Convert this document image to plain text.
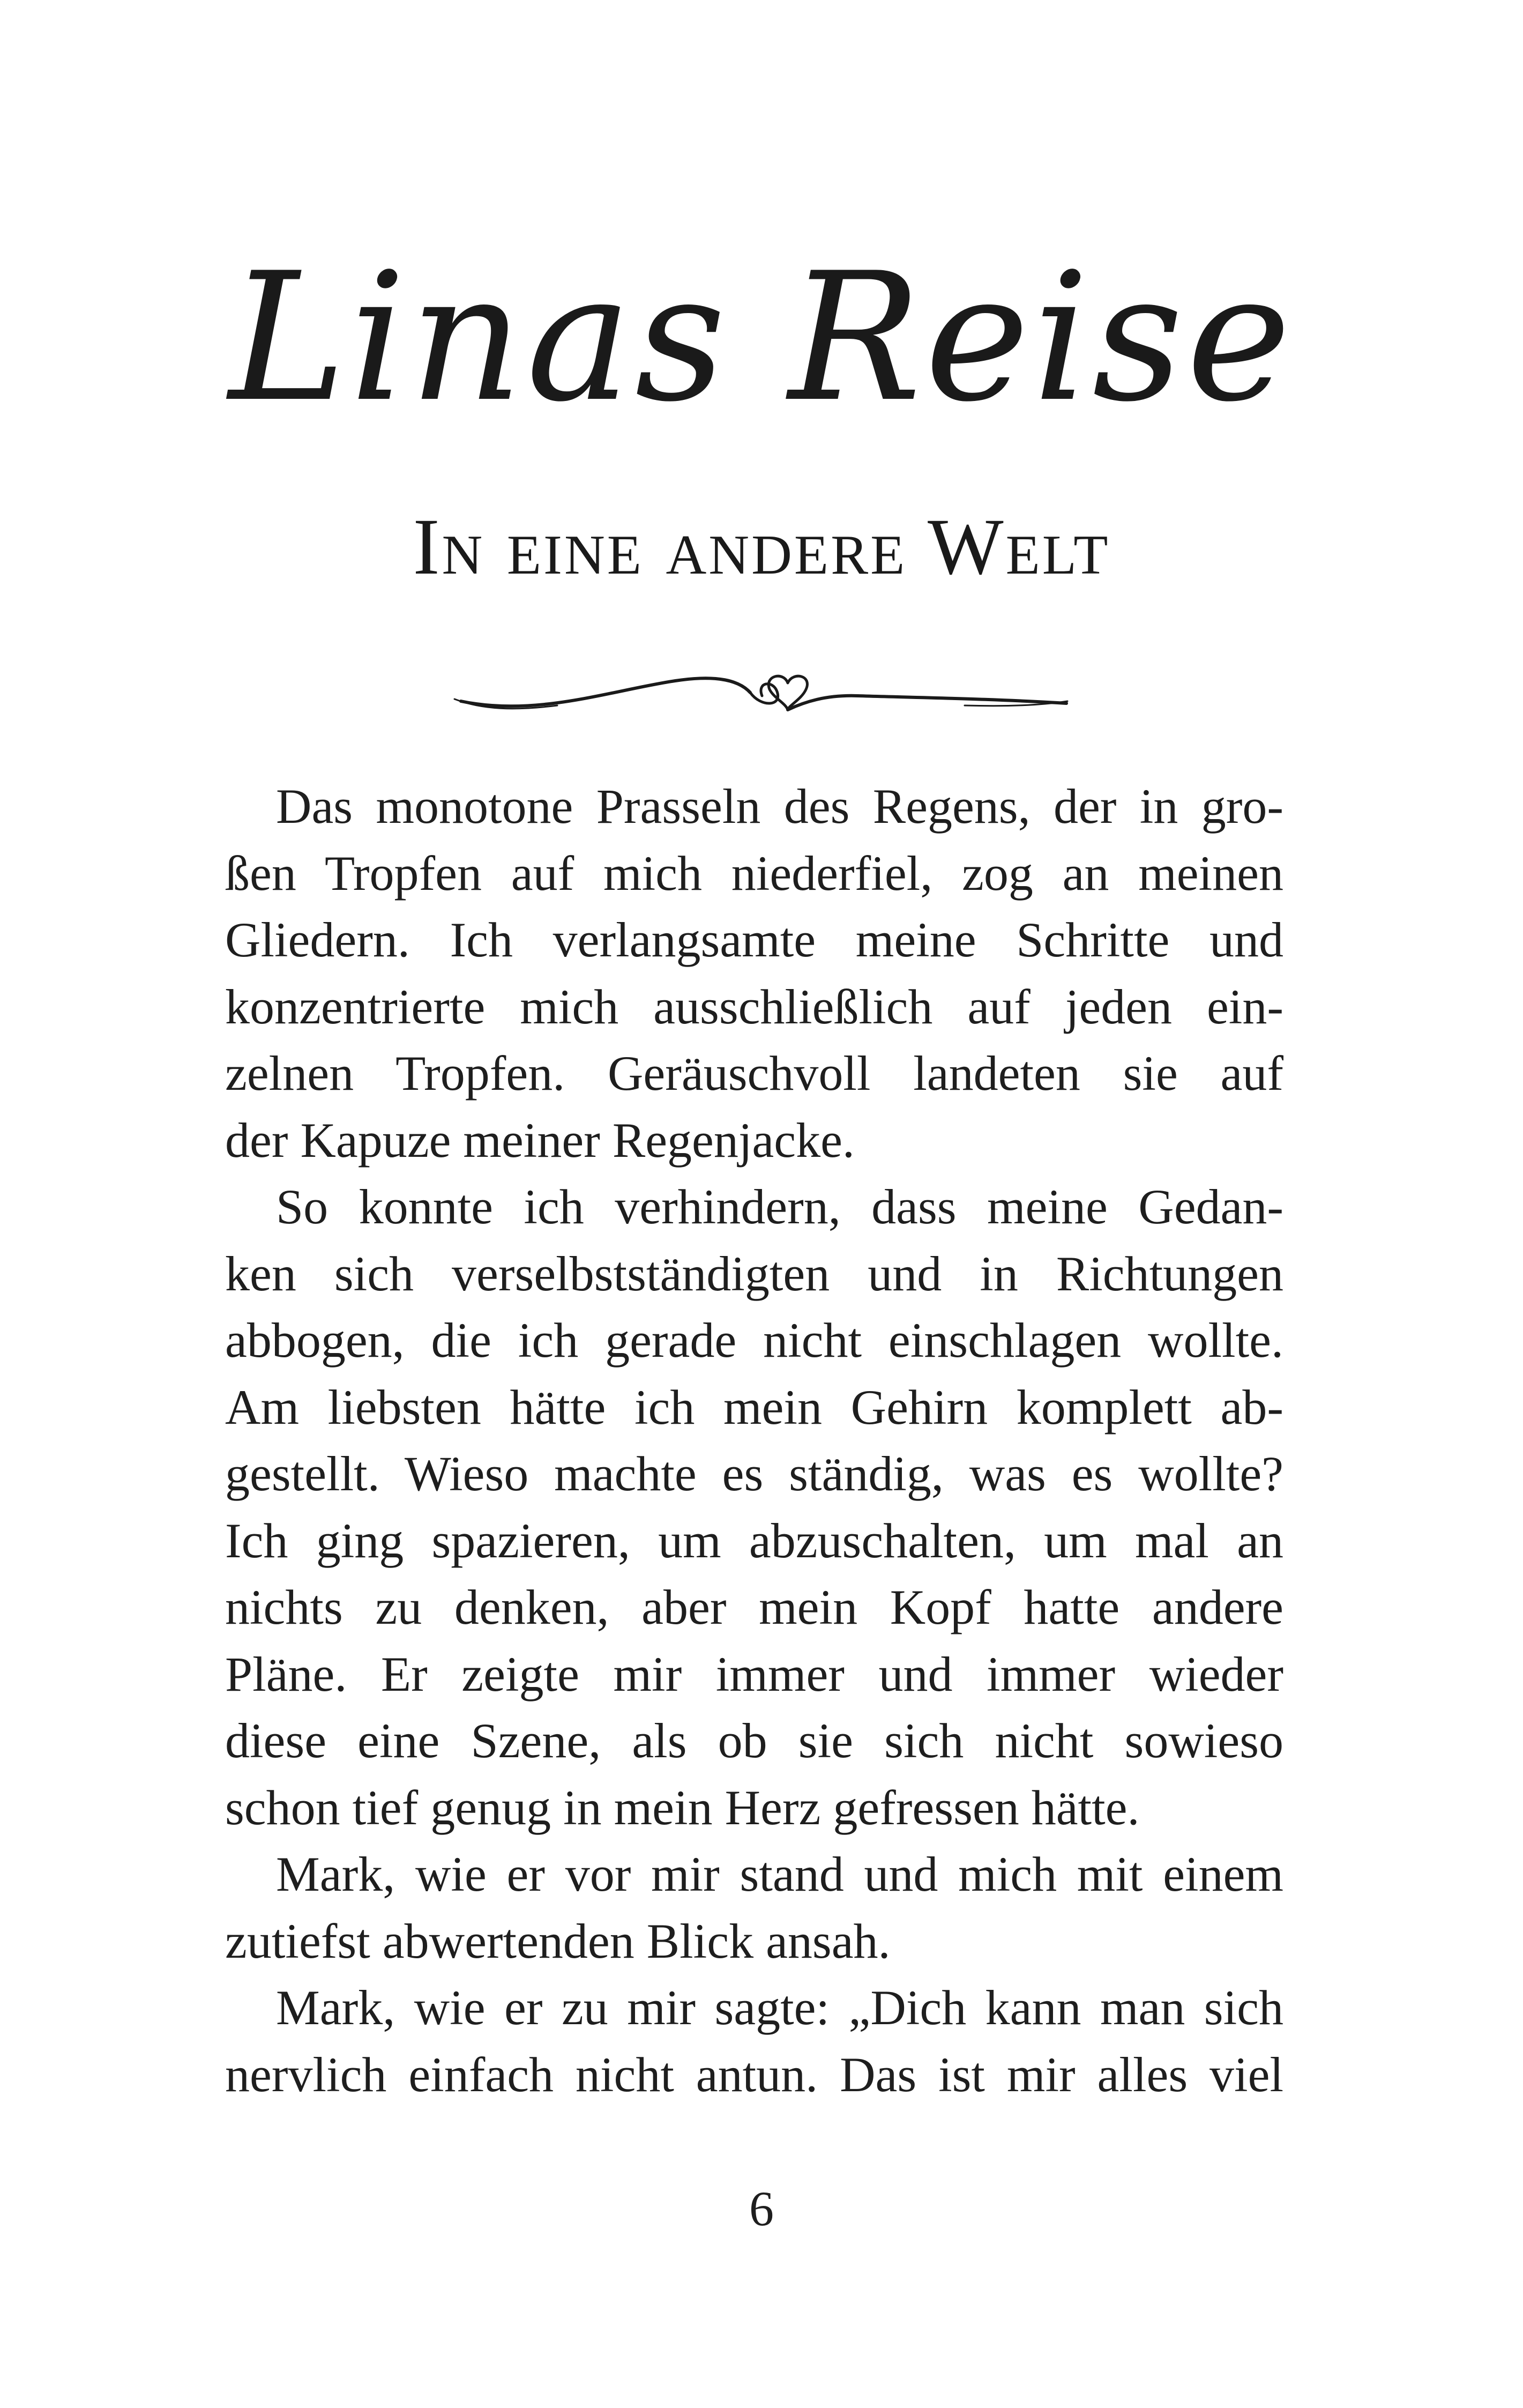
Linas Reise
In eine andere Welt

Das monotone Prasseln des Regens, der in gro-
ßen Tropfen auf mich niederfiel, zog an meinen
Gliedern. Ich verlangsamte meine Schritte und
konzentrierte mich ausschließlich auf jeden ein-
zelnen Tropfen. Geräuschvoll landeten sie auf
der Kapuze meiner Regenjacke.

So konnte ich verhindern, dass meine Gedan-
ken sich verselbstständigten und in Richtungen
abbogen, die ich gerade nicht einschlagen wollte.
Am liebsten hätte ich mein Gehirn komplett ab-
gestellt. Wieso machte es ständig, was es wollte?
Ich ging spazieren, um abzuschalten, um mal an
nichts zu denken, aber mein Kopf hatte andere
Pläne. Er zeigte mir immer und immer wieder
diese eine Szene, als ob sie sich nicht sowieso
schon tief genug in mein Herz gefressen hätte.

Mark, wie er vor mir stand und mich mit einem
zutiefst abwertenden Blick ansah.

Mark, wie er zu mir sagte: „Dich kann man sich
nervlich einfach nicht antun. Das ist mir alles viel

6
